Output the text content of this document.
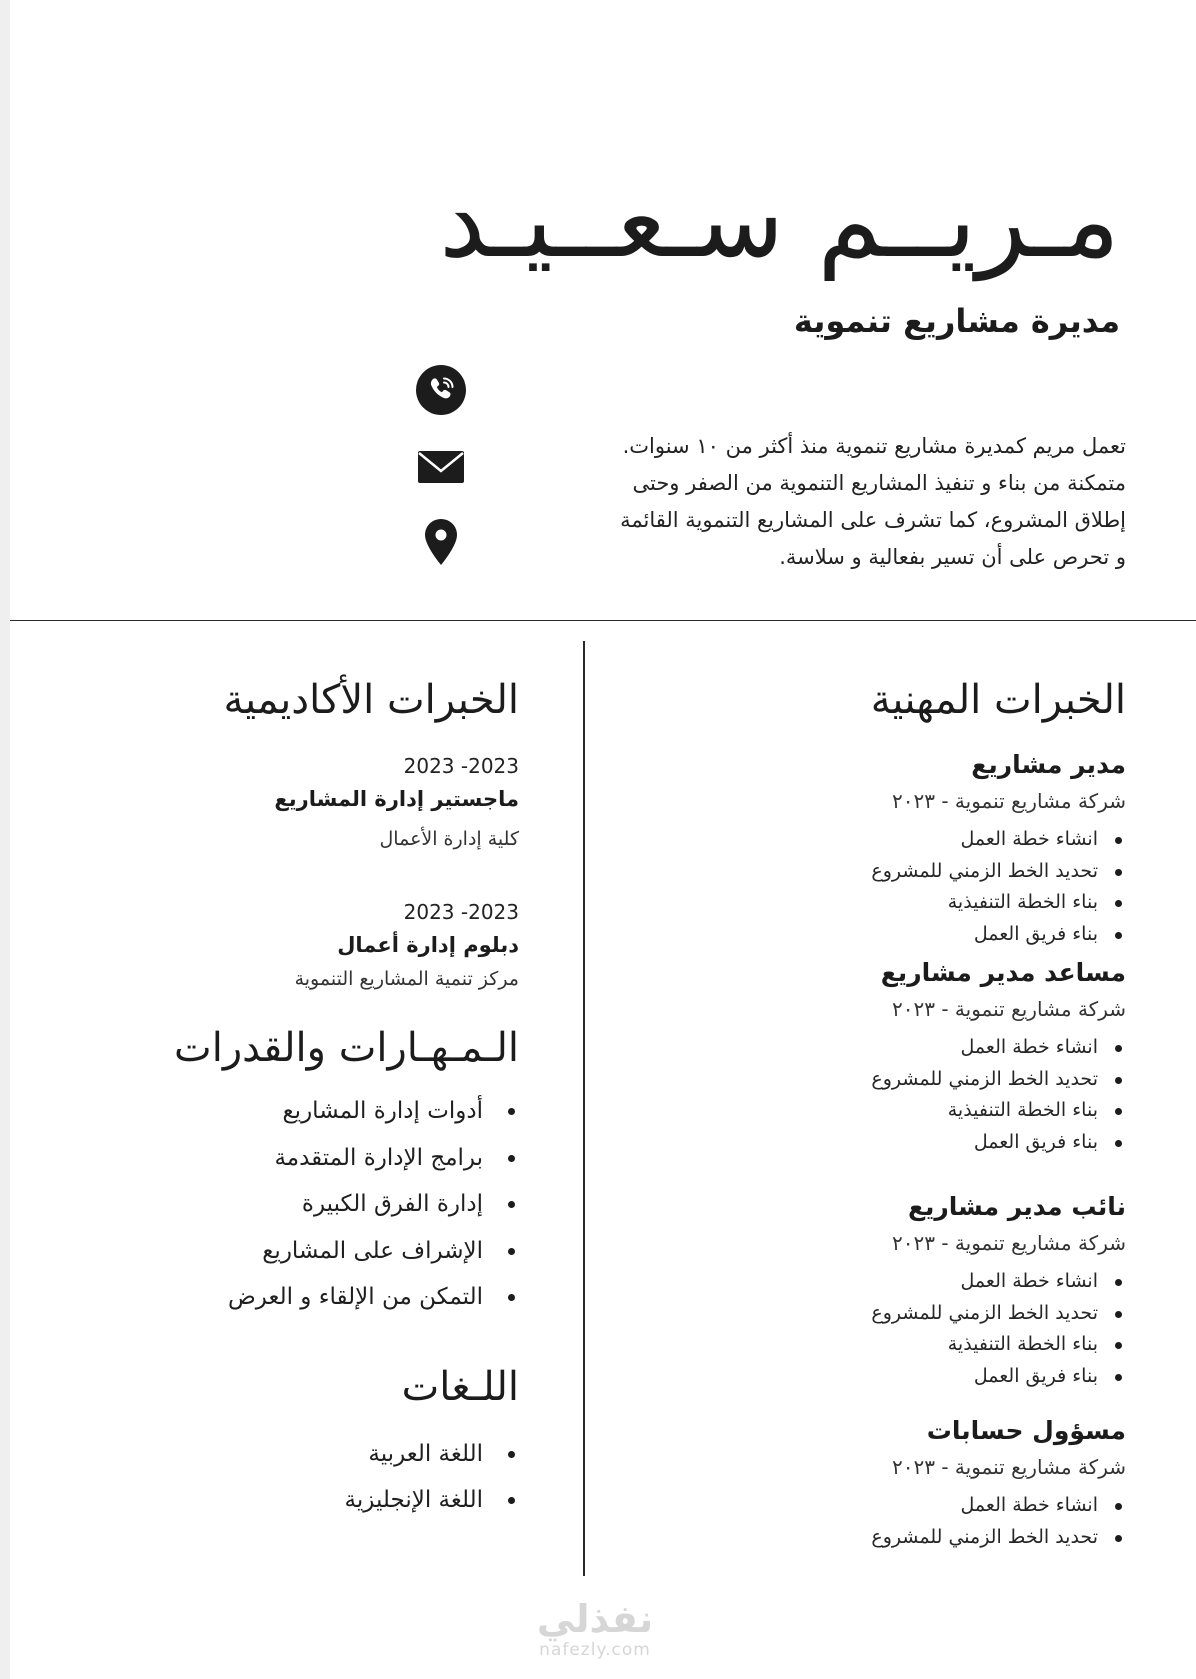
مـريــم سـعــيـد
مديرة مشاريع تنموية
تعمل مريم كمديرة مشاريع تنموية منذ أكثر من ١٠ سنوات.
متمكنة من بناء و تنفيذ المشاريع التنموية من الصفر وحتى
إطلاق المشروع، كما تشرف على المشاريع التنموية القائمة
و تحرص على أن تسير بفعالية و سلاسة.
الخبرات المهنية
مدير مشاريع
شركة مشاريع تنموية - ٢٠٢٣
انشاء خطة العمل
تحديد الخط الزمني للمشروع
بناء الخطة التنفيذية
بناء فريق العمل
مساعد مدير مشاريع
شركة مشاريع تنموية - ٢٠٢٣
انشاء خطة العمل
تحديد الخط الزمني للمشروع
بناء الخطة التنفيذية
بناء فريق العمل
نائب مدير مشاريع
شركة مشاريع تنموية - ٢٠٢٣
انشاء خطة العمل
تحديد الخط الزمني للمشروع
بناء الخطة التنفيذية
بناء فريق العمل
مسؤول حسابات
شركة مشاريع تنموية - ٢٠٢٣
انشاء خطة العمل
تحديد الخط الزمني للمشروع
الخبرات الأكاديمية
2023 -2023
ماجستير إدارة المشاريع
كلية إدارة الأعمال
2023 -2023
دبلوم إدارة أعمال
مركز تنمية المشاريع التنموية
الـمـهـارات والقدرات
أدوات إدارة المشاريع
برامج الإدارة المتقدمة
إدارة الفرق الكبيرة
الإشراف على المشاريع
التمكن من الإلقاء و العرض
اللـغات
اللغة العربية
اللغة الإنجليزية
نفذلي
nafezly.com
